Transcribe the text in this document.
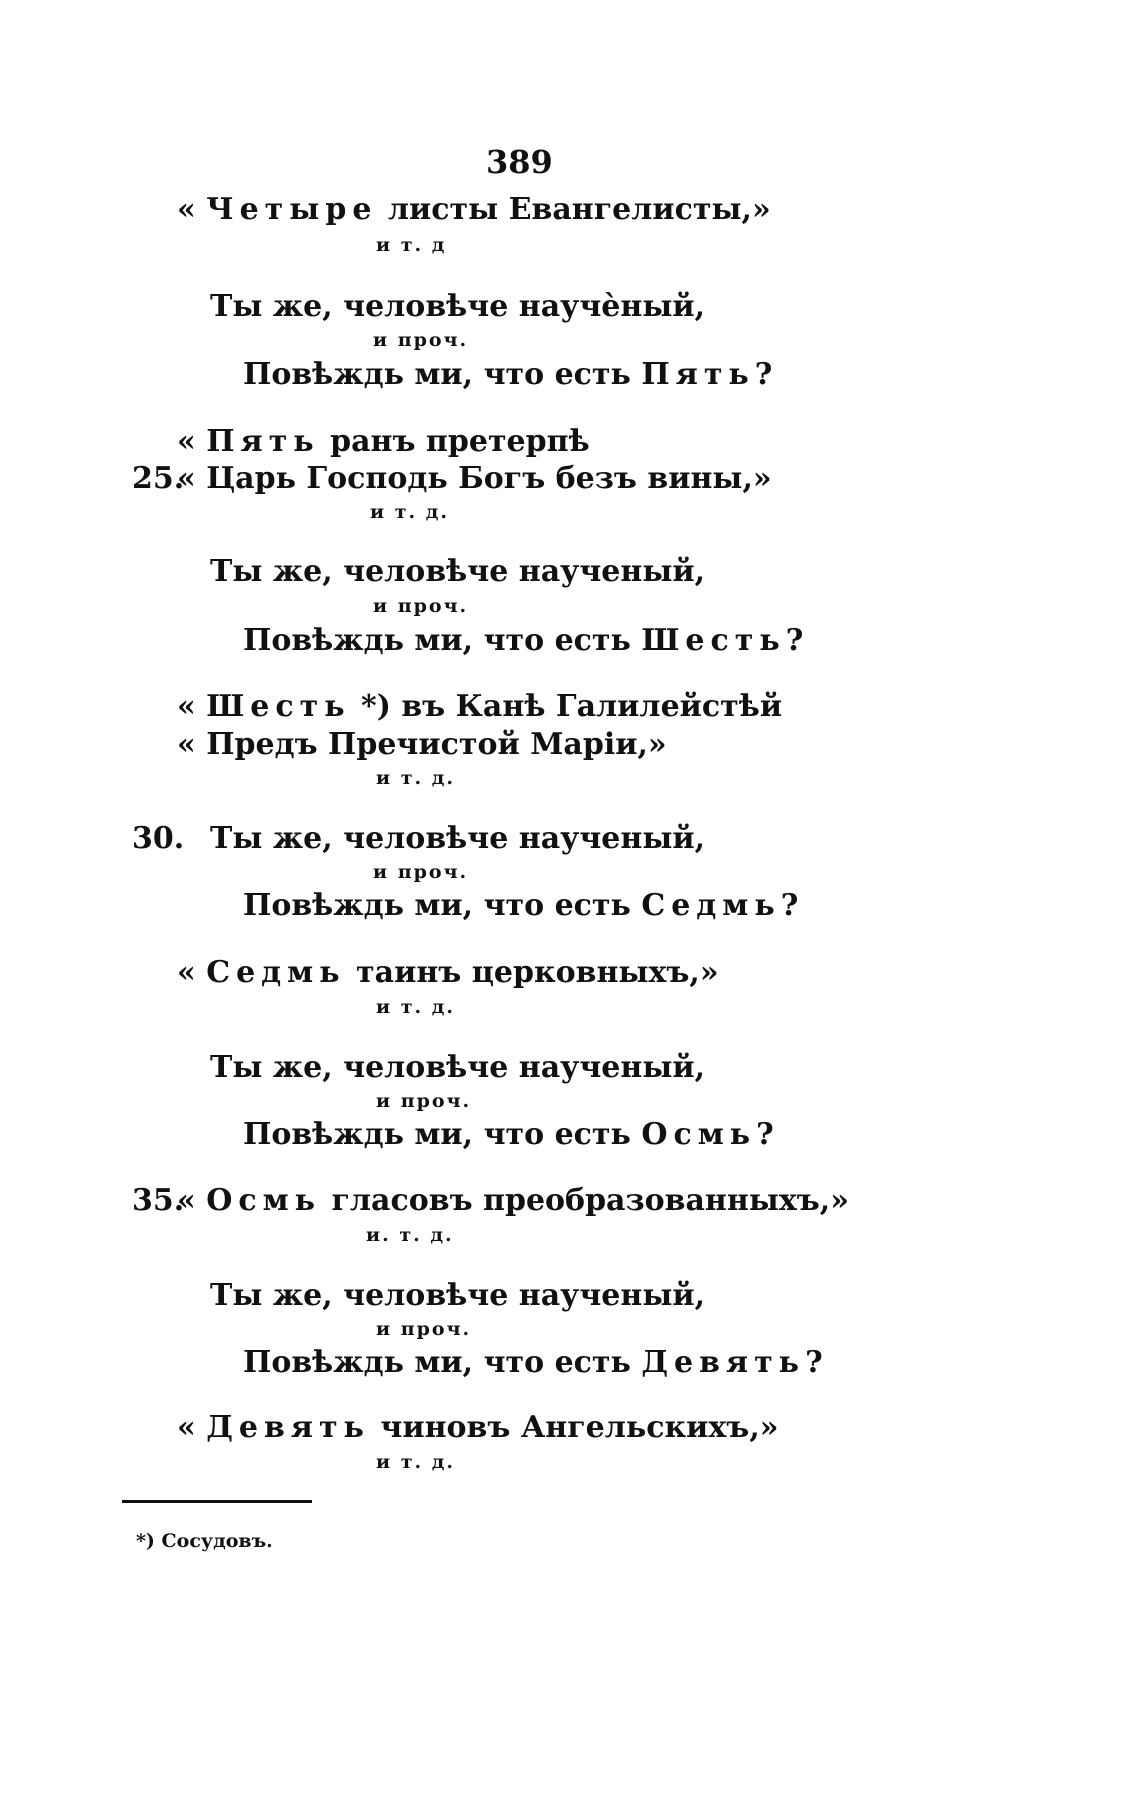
389
« Четыре листы Евангелисты,»
и т. д
Ты же, человѣче научѐный,
и проч.
Повѣждь ми, что есть Пять?
« Пять ранъ претерпѣ
25.
« Царь Господь Богъ безъ вины,»
и т. д.
Ты же, человѣче наученый,
и проч.
Повѣждь ми, что есть Шесть?
« Шесть *) въ Канѣ Галилейстѣй
« Предъ Пречистой Маріи,»
и т. д.
30. Ты же, человѣче наученый,
и проч.
Повѣждь ми, что есть Седмь?
« Седмь таинъ церковныхъ,»
и т. д.
Ты же, человѣче наученый,
и проч.
Повѣждь ми, что есть Осмь?
35.
« Осмь гласовъ преобразованныхъ,»
и. т. д.
Ты же, человѣче наученый,
и проч.
Повѣждь ми, что есть Девять?
« Девять чиновъ Ангельскихъ,»
и т. д.
*) Сосудовъ.
